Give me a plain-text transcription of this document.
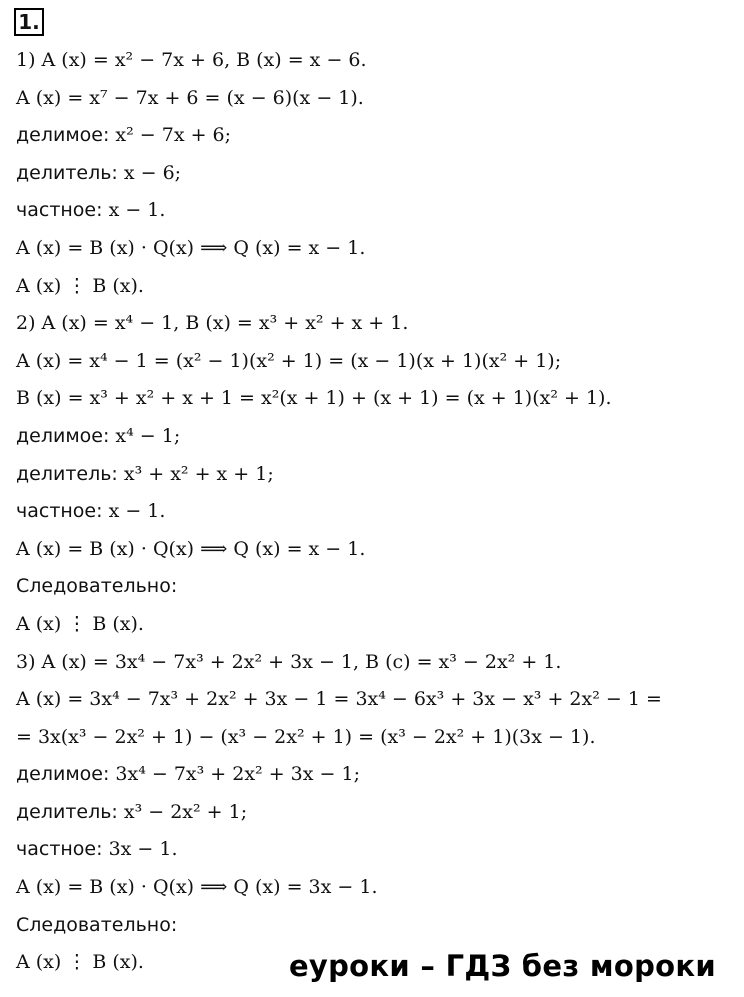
1.
1) A (x) = x² − 7x + 6, B (x) = x − 6.
A (x) = x⁷ − 7x + 6 = (x − 6)(x − 1).
делимое: x² − 7x + 6;
делитель: x − 6;
частное: x − 1.
A (x) = B (x) · Q(x) ⟹ Q (x) = x − 1.
A (x) ⋮ B (x).
2) A (x) = x⁴ − 1, B (x) = x³ + x² + x + 1.
A (x) = x⁴ − 1 = (x² − 1)(x² + 1) = (x − 1)(x + 1)(x² + 1);
B (x) = x³ + x² + x + 1 = x²(x + 1) + (x + 1) = (x + 1)(x² + 1).
делимое: x⁴ − 1;
делитель: x³ + x² + x + 1;
частное: x − 1.
A (x) = B (x) · Q(x) ⟹ Q (x) = x − 1.
Следовательно:
A (x) ⋮ B (x).
3) A (x) = 3x⁴ − 7x³ + 2x² + 3x − 1, B (c) = x³ − 2x² + 1.
A (x) = 3x⁴ − 7x³ + 2x² + 3x − 1 = 3x⁴ − 6x³ + 3x − x³ + 2x² − 1 =
= 3x(x³ − 2x² + 1) − (x³ − 2x² + 1) = (x³ − 2x² + 1)(3x − 1).
делимое: 3x⁴ − 7x³ + 2x² + 3x − 1;
делитель: x³ − 2x² + 1;
частное: 3x − 1.
A (x) = B (x) · Q(x) ⟹ Q (x) = 3x − 1.
Следовательно:
A (x) ⋮ B (x).	еуроки – ГДЗ без мороки
